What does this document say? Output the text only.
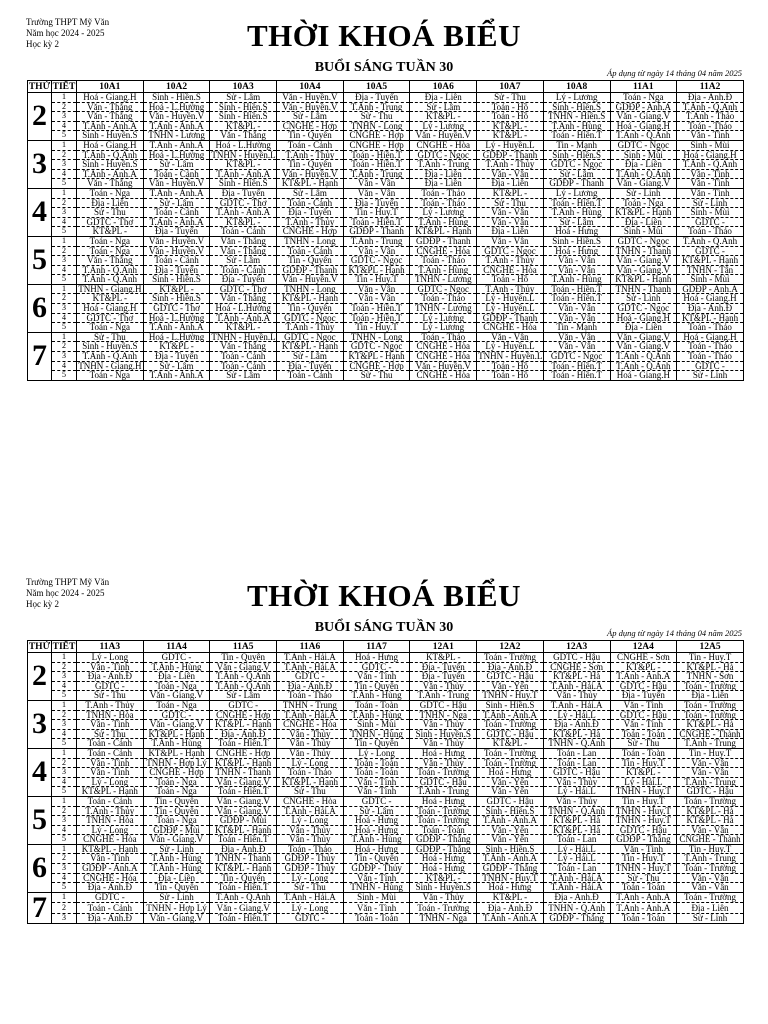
Trường THPT Mỹ Văn
Năm học 2024 - 2025
Học kỳ 2	THỜI KHOÁ BIỂU
BUỔI SÁNG TUẦN 30	Áp dụng từ ngày 14 tháng 04 năm 2025
THỨ	TIẾT	10A1	10A2	10A3	10A4	10A5	10A6	10A7	10A8	11A1	11A2
2	1	Hoá - Giang.H	Sinh - Hiền.S	Sử - Lâm	Văn - Huyền.V	Địa - Tuyến	Địa - Liên	Sử - Thu	Lý - Lương	Toán - Nga	Địa - Anh.Đ
	2	Văn - Thắng	Hoá - L.Hường	Sinh - Hiền.S	Văn - Huyền.V	T.Anh - Trung	Sử - Lâm	Toán - Hồ	Sinh - Hiền.S	GDĐP - Anh.A	T.Anh - Q.Anh
	3	Văn - Thắng	Văn - Huyền.V	Sinh - Hiền.S	Sử - Lâm	Sử - Thu	KT&PL -	Toán - Hồ	TNHN - Hiền.S	Văn - Giang.V	T.Anh - Thảo
	4	T.Anh - Anh.A	T.Anh - Anh.A	KT&PL -	CNGHE - Hợp	TNHN - Long	Lý - Lương	KT&PL -	T.Anh - Hùng	Hoá - Giang.H	Toán - Thảo
	5	Sinh - Huyền.S	TNHN - Lương	Văn - Thắng	Tin - Quyên	CNGHE - Hợp	Văn - Huyền.V	KT&PL -	Toán - Hiền.T	T.Anh - Q.Anh	Văn - Tình
3	1	Hoá - Giang.H	T.Anh - Anh.A	Hoá - L.Hường	Toán - Cảnh	CNGHE - Hợp	CNGHE - Hòa	Lý - Huyền.L	Tin - Mạnh	GDTC - Ngọc	Sinh - Mùi
	2	T.Anh - Q.Anh	Hoá - L.Hường	TNHN - Huyền.L	T.Anh - Thủy	Toán - Hiền.T	GDTC - Ngọc	GDĐP - Thanh	Sinh - Hiền.S	Sinh - Mùi	Hoá - Giang.H
	3	Sinh - Huyền.S	Sử - Lâm	KT&PL -	Tin - Quyên	Toán - Hiền.T	T.Anh - Trung	T.Anh - Thủy	GDTC - Ngọc	Địa - Liên	T.Anh - Q.Anh
	4	T.Anh - Anh.A	Toán - Cảnh	T.Anh - Anh.A	Văn - Huyền.V	T.Anh - Trung	Địa - Liên	Văn - Vân	Sử - Lâm	T.Anh - Q.Anh	Văn - Tình
	5	Văn - Thắng	Văn - Huyền.V	Sinh - Hiền.S	KT&PL - Hạnh	Văn - Vân	Địa - Liên	Địa - Liên	GDĐP - Thanh	Văn - Giang.V	Văn - Tình
4	1	Toán - Nga	T.Anh - Anh.A	Địa - Tuyến	Sử - Lâm	Văn - Vân	Toán - Thảo	KT&PL -	Lý - Lương	Sử - Linh	Văn - Tình
	2	Địa - Liên	Sử - Lâm	GDTC - Thơ	Toán - Cảnh	Địa - Tuyến	Toán - Thảo	Sử - Thu	Toán - Hiền.T	Toán - Nga	Sử - Linh
	3	Sử - Thu	Toán - Cảnh	T.Anh - Anh.A	Địa - Tuyến	Tin - Huy.T	Lý - Lương	Văn - Vân	T.Anh - Hùng	KT&PL - Hạnh	Sinh - Mùi
	4	GDTC - Thơ	T.Anh - Anh.A	KT&PL -	T.Anh - Thủy	Toán - Hiền.T	T.Anh - Hùng	Văn - Vân	Sử - Lâm	Địa - Liên	GDTC -
	5	KT&PL -	Địa - Tuyến	Toán - Cảnh	CNGHE - Hợp	GDĐP - Thanh	KT&PL - Hạnh	Địa - Liên	Hoá - Hưng	Sinh - Mùi	Toán - Thảo
5	1	Toán - Nga	Văn - Huyền.V	Văn - Thắng	TNHN - Long	T.Anh - Trung	GDĐP - Thanh	Văn - Vân	Sinh - Hiền.S	GDTC - Ngọc	T.Anh - Q.Anh
	2	Toán - Nga	Văn - Huyền.V	Văn - Thắng	Toán - Cảnh	Văn - Vân	CNGHE - Hòa	GDTC - Ngọc	Hoá - Hưng	TNHN - Thanh	GDTC -
	3	Văn - Thắng	Toán - Cảnh	Sử - Lâm	Tin - Quyên	GDTC - Ngọc	Toán - Thảo	T.Anh - Thủy	Văn - Vân	Văn - Giang.V	KT&PL - Hạnh
	4	T.Anh - Q.Anh	Địa - Tuyến	Toán - Cảnh	GDĐP - Thanh	KT&PL - Hạnh	T.Anh - Hùng	CNGHE - Hòa	Văn - Vân	Văn - Giang.V	TNHN - Tân
	5	T.Anh - Q.Anh	Sinh - Hiền.S	Địa - Tuyến	Văn - Huyền.V	Tin - Huy.T	TNHN - Lương	Toán - Hồ	T.Anh - Hùng	KT&PL - Hạnh	Sinh - Mùi
6	1	TNHN - Giang.H	KT&PL -	GDTC - Thơ	TNHN - Long	Văn - Vân	GDTC - Ngọc	T.Anh - Thủy	Toán - Hiền.T	TNHN - Thanh	GDĐP - Anh.A
	2	KT&PL -	Sinh - Hiền.S	Văn - Thắng	KT&PL - Hạnh	Văn - Vân	Toán - Thảo	Lý - Huyền.L	Toán - Hiền.T	Sử - Linh	Hoá - Giang.H
	3	Hoá - Giang.H	GDTC - Thơ	Hoá - L.Hường	Tin - Quyên	Toán - Hiền.T	TNHN - Lương	Lý - Huyền.L	Văn - Vân	GDTC - Ngọc	Địa - Anh.Đ
	4	GDTC - Thơ	Hoá - L.Hường	T.Anh - Anh.A	GDTC - Ngọc	Toán - Hiền.T	Lý - Lương	GDĐP - Thanh	Văn - Vân	Hoá - Giang.H	KT&PL - Hạnh
	5	Toán - Nga	T.Anh - Anh.A	KT&PL -	T.Anh - Thủy	Tin - Huy.T	Lý - Lương	CNGHE - Hòa	Tin - Mạnh	Địa - Liên	Toán - Thảo
7	1	Sử - Thu	Hoá - L.Hường	TNHN - Huyền.L	GDTC - Ngọc	TNHN - Long	Toán - Thảo	Văn - Vân	Văn - Vân	Văn - Giang.V	Hoá - Giang.H
	2	Sinh - Huyền.S	KT&PL -	Văn - Thắng	KT&PL - Hạnh	GDTC - Ngọc	CNGHE - Hòa	Lý - Huyền.L	Văn - Vân	Văn - Giang.V	Toán - Thảo
	3	T.Anh - Q.Anh	Địa - Tuyến	Toán - Cảnh	Sử - Lâm	KT&PL - Hạnh	CNGHE - Hòa	TNHN - Huyền.L	GDTC - Ngọc	T.Anh - Q.Anh	Toán - Thảo
	4	TNHN - Giang.H	Sử - Lâm	Toán - Cảnh	Địa - Tuyến	CNGHE - Hợp	Văn - Huyền.V	Toán - Hồ	Toán - Hiền.T	T.Anh - Q.Anh	GDTC -
	5	Toán - Nga	T.Anh - Anh.A	Sử - Lâm	Toán - Cảnh	Sử - Thu	CNGHE - Hòa	Toán - Hồ	Toán - Hiền.T	Hoá - Giang.H	Sử - Linh
Trường THPT Mỹ Văn
Năm học 2024 - 2025
Học kỳ 2	THỜI KHOÁ BIỂU
BUỔI SÁNG TUẦN 30	Áp dụng từ ngày 14 tháng 04 năm 2025
THỨ	TIẾT	11A3	11A4	11A5	11A6	11A7	12A1	12A2	12A3	12A4	12A5
2	1	Lý - Long	GDTC -	Tin - Quyên	T.Anh - Hải.A	Hoá - Hưng	KT&PL -	Toán - Trường	GDTC - Hậu	CNGHE - Sơn	Tin - Huy.T
	2	Văn - Tình	T.Anh - Hùng	Văn - Giang.V	T.Anh - Hải.A	GDTC -	Địa - Tuyến	Địa - Anh.Đ	CNGHE - Sơn	KT&PL -	KT&PL - Hà
	3	Địa - Anh.Đ	Địa - Liên	T.Anh - Q.Anh	GDTC -	Văn - Tình	Địa - Tuyến	GDTC - Hậu	KT&PL - Hà	T.Anh - Anh.A	TNHN - Sơn
	4	GDTC -	Toán - Nga	T.Anh - Q.Anh	Địa - Anh.Đ	Tin - Quyên	Văn - Thủy	Văn - Yến	T.Anh - Hải.A	GDTC - Hậu	Toán - Trường
	5	Sử - Thu	Văn - Giang.V	Sử - Lâm	Toán - Thảo	T.Anh - Hùng	T.Anh - Trung	TNHN - Huy.T	Văn - Thủy	Địa - Tuyến	Địa - Liên
3	1	T.Anh - Thủy	Toán - Nga	GDTC -	TNHN - Trung	Toán - Toàn	GDTC - Hậu	Sinh - Hiền.S	T.Anh - Hải.A	Văn - Tình	Toán - Trường
	2	TNHN - Hòa	GDTC -	CNGHE - Hợp	T.Anh - Hải.A	T.Anh - Hùng	TNHN - Nga	T.Anh - Anh.A	Lý - Hải.L	GDTC - Hậu	Toán - Trường
	3	Văn - Tình	Văn - Giang.V	KT&PL - Hạnh	CNGHE - Hòa	Sinh - Mùi	Văn - Thủy	Toán - Trường	Địa - Anh.Đ	Văn - Tình	KT&PL - Hà
	4	Sử - Thu	KT&PL - Hạnh	Địa - Anh.Đ	Văn - Thủy	TNHN - Hùng	Sinh - Huyền.S	GDTC - Hậu	KT&PL - Hà	Toán - Toàn	CNGHE - Thành
	5	Toán - Cảnh	T.Anh - Hùng	Toán - Hiền.T	Văn - Thủy	Tin - Quyên	Văn - Thủy	KT&PL -	TNHN - Q.Anh	Sử - Thu	T.Anh - Trung
4	1	Toán - Cảnh	KT&PL - Hạnh	CNGHE - Hợp	Văn - Thủy	Lý - Long	Hoá - Hưng	Toán - Trường	Toán - Lan	Toán - Toàn	Tin - Huy.T
	2	Văn - Tình	TNHN - Hợp Lý	KT&PL - Hạnh	Lý - Long	Toán - Toàn	Văn - Thủy	Toán - Trường	Toán - Lan	Tin - Huy.T	Văn - Vân
	3	Văn - Tình	CNGHE - Hợp	TNHN - Thanh	Toán - Thảo	Toán - Toàn	Toán - Trường	Hoá - Hưng	GDTC - Hậu	KT&PL -	Văn - Vân
	4	Lý - Long	Toán - Nga	Văn - Giang.V	KT&PL - Hạnh	Văn - Tình	GDTC - Hậu	Văn - Yến	Văn - Thủy	Lý - Hải.L	T.Anh - Trung
	5	KT&PL - Hạnh	Toán - Nga	Toán - Hiền.T	Sử - Thu	Văn - Tình	T.Anh - Trung	Văn - Yến	Lý - Hải.L	TNHN - Huy.T	GDTC - Hậu
5	1	Toán - Cảnh	Tin - Quyên	Văn - Giang.V	CNGHE - Hòa	GDTC -	Hoá - Hưng	GDTC - Hậu	Văn - Thủy	Tin - Huy.T	Toán - Trường
	2	T.Anh - Thủy	Tin - Quyên	Văn - Giang.V	T.Anh - Hải.A	Sử - Lâm	Toán - Trường	Sinh - Hiền.S	TNHN - Q.Anh	TNHN - Huy.T	KT&PL - Hà
	3	TNHN - Hòa	Toán - Nga	GDĐP - Mùi	Lý - Long	Hoá - Hưng	Toán - Trường	T.Anh - Anh.A	KT&PL - Hà	TNHN - Huy.T	KT&PL - Hà
	4	Lý - Long	GDĐP - Mùi	KT&PL - Hạnh	Văn - Thủy	Hoá - Hưng	Toán - Toàn	Văn - Yến	KT&PL - Hà	GDTC - Hậu	Văn - Vân
	5	CNGHE - Hòa	Văn - Giang.V	Toán - Hiền.T	Văn - Thủy	T.Anh - Hùng	GDĐP - Thắng	Văn - Yến	Toán - Lan	GDĐP - Thắng	CNGHE - Thành
6	1	KT&PL - Hạnh	Sử - Linh	Địa - Anh.Đ	Toán - Thảo	Hoá - Hưng	GDĐP - Thắng	Sinh - Hiền.S	Lý - Hải.L	Văn - Tình	Tin - Huy.T
	2	Văn - Tình	T.Anh - Hùng	TNHN - Thanh	GDĐP - Thủy	Tin - Quyên	Hoá - Hưng	T.Anh - Anh.A	Lý - Hải.L	Tin - Huy.T	T.Anh - Trung
	3	GDĐP - Anh.A	T.Anh - Hùng	KT&PL - Hạnh	GDĐP - Thủy	GDĐP - Thủy	Hoá - Hưng	GDĐP - Thắng	Toán - Lan	TNHN - Huy.T	Toán - Trường
	4	CNGHE - Hòa	Địa - Liên	Tin - Quyên	Lý - Long	Văn - Tình	KT&PL -	TNHN - Huy.T	T.Anh - Hải.A	Sử - Thu	Văn - Vân
	5	Địa - Anh.Đ	Tin - Quyên	Toán - Hiền.T	Sử - Thu	TNHN - Hùng	Sinh - Huyền.S	Hoá - Hưng	T.Anh - Hải.A	Toán - Toàn	Văn - Vân
7	1	GDTC -	Sử - Linh	T.Anh - Q.Anh	T.Anh - Hải.A	Sinh - Mùi	Văn - Thủy	KT&PL -	Địa - Anh.Đ	T.Anh - Anh.A	Toán - Trường
	2	Toán - Cảnh	TNHN - Hợp Lý	Văn - Giang.V	Lý - Long	Văn - Tình	Toán - Trường	Địa - Anh.Đ	TNHN - Q.Anh	T.Anh - Anh.A	Địa - Liên
	3	Địa - Anh.Đ	Văn - Giang.V	Toán - Hiền.T	GDTC -	Toán - Toàn	TNHN - Nga	T.Anh - Anh.A	GDĐP - Thắng	Toán - Toàn	Sử - Linh
